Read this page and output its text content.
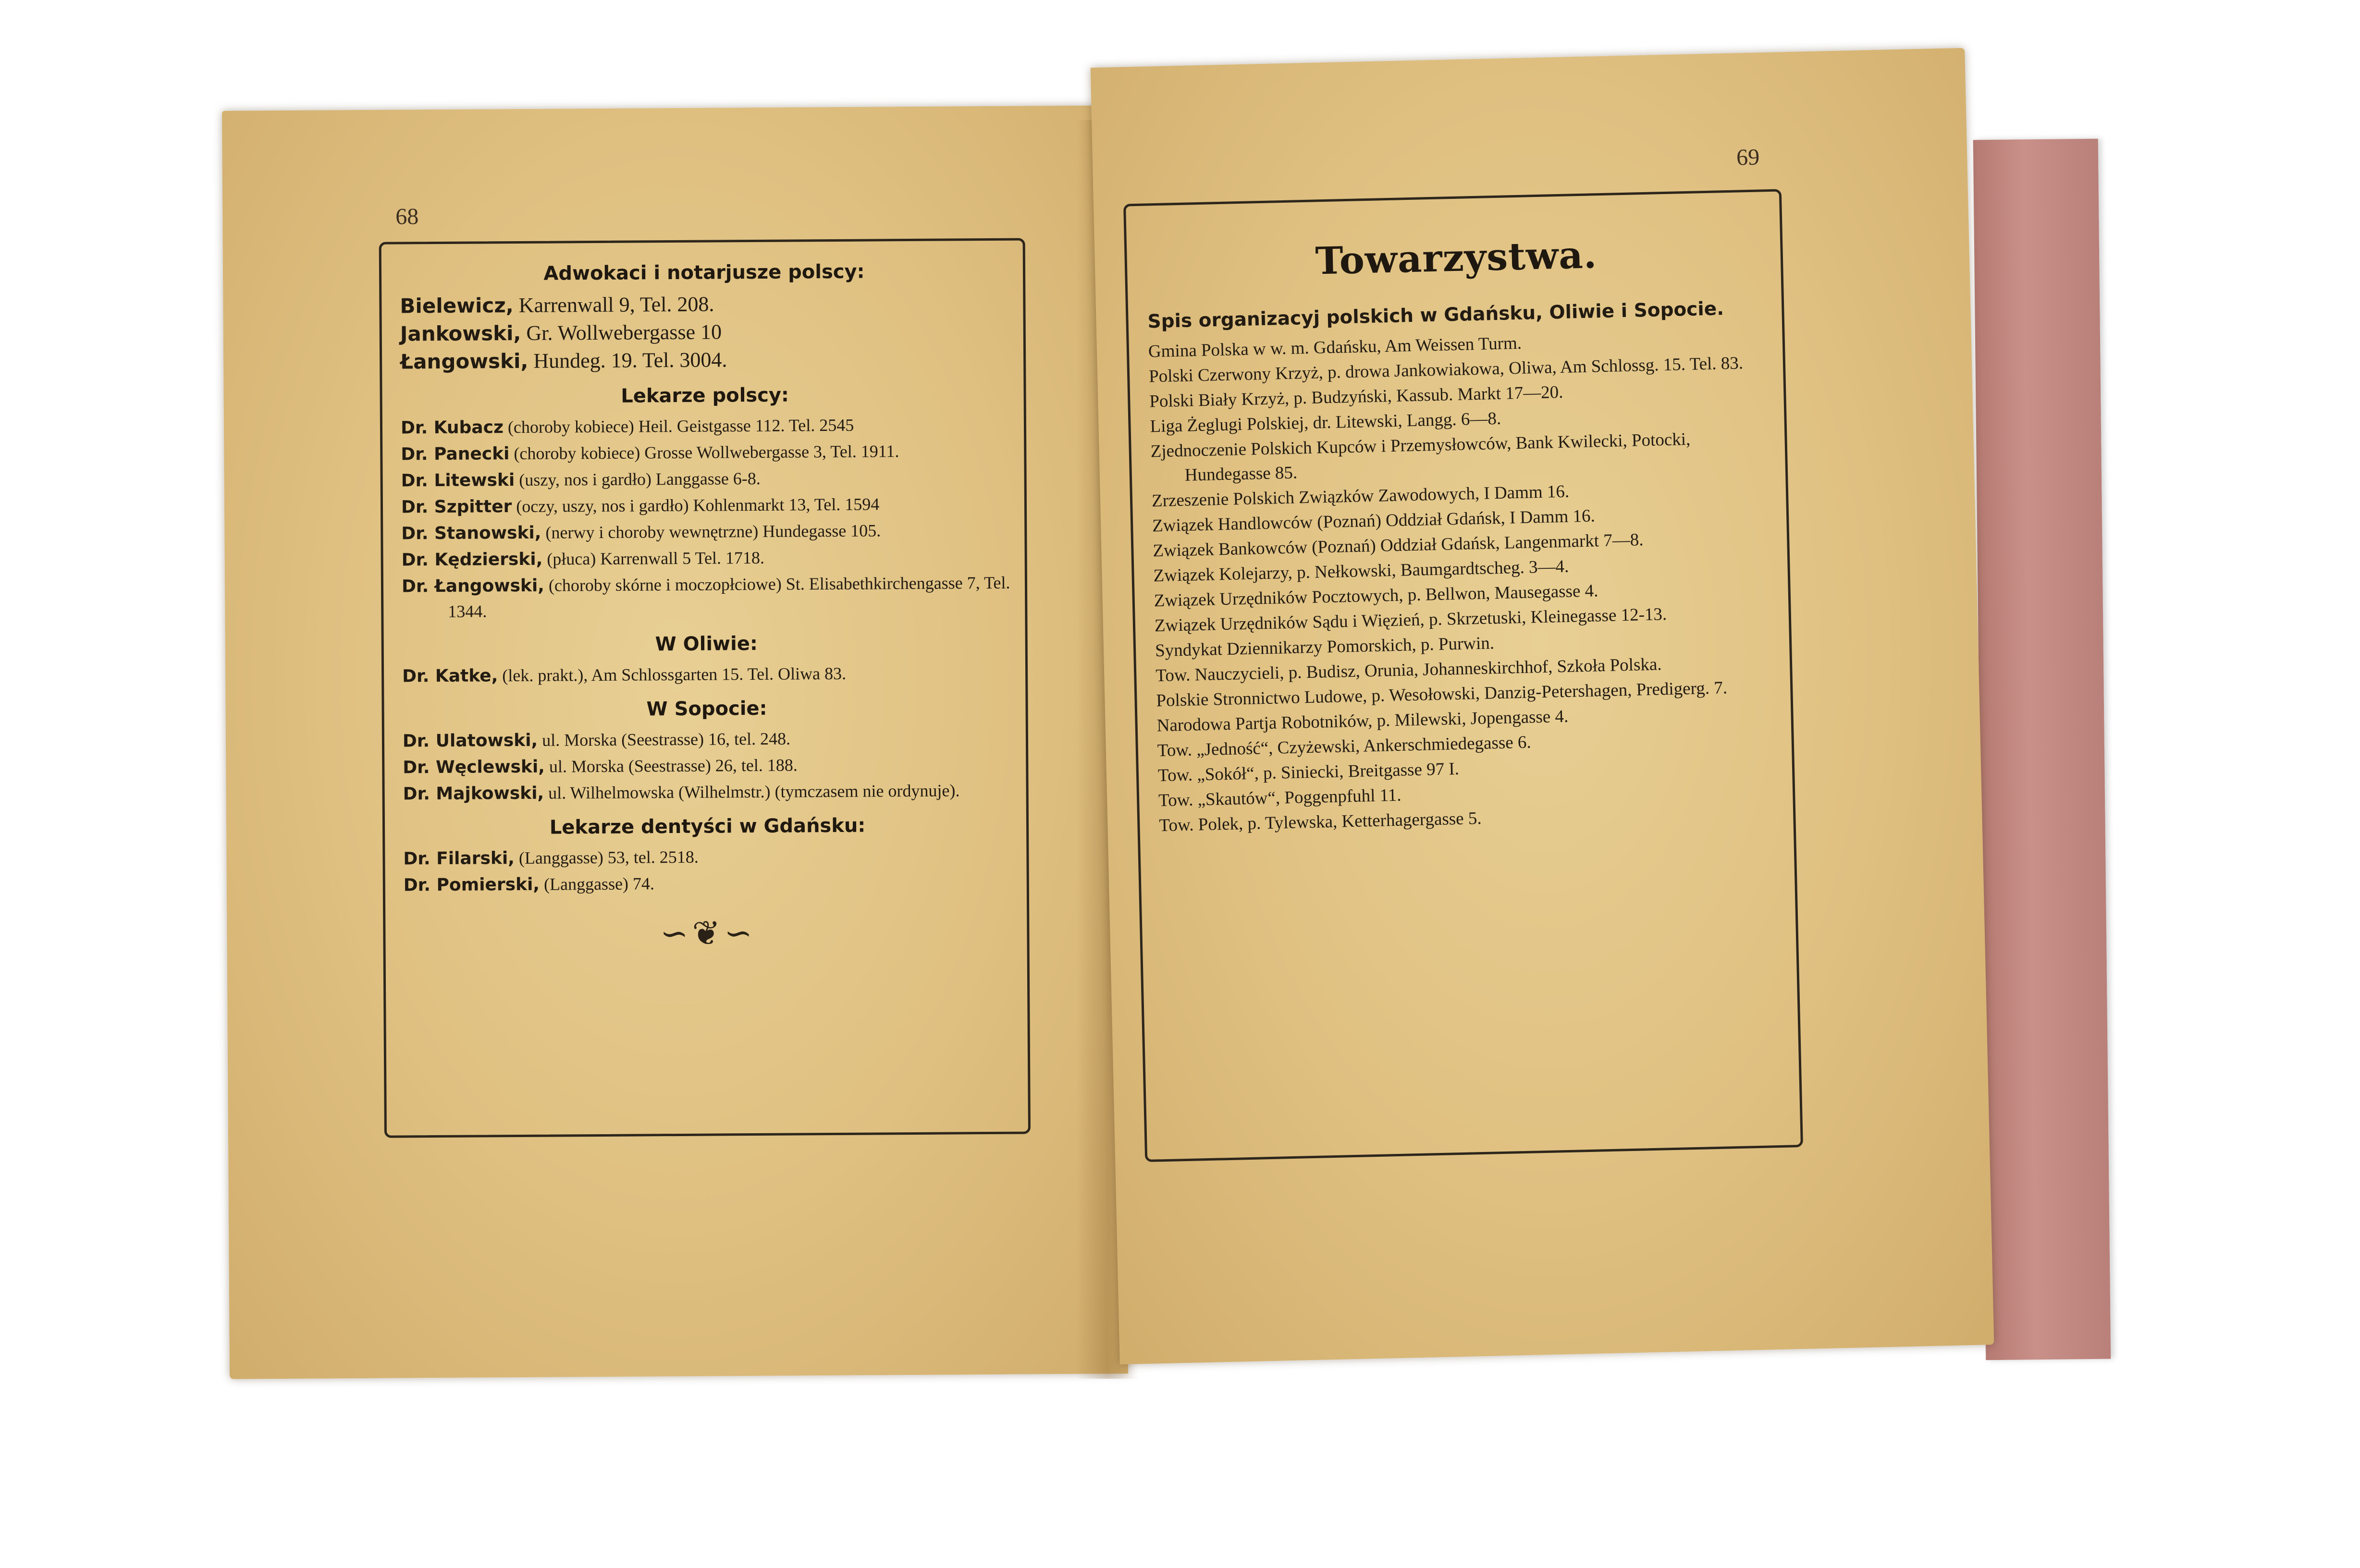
68
Adwokaci i notarjusze polscy:
Bielewicz, Karrenwall 9, Tel. 208.
Jankowski, Gr. Wollwebergasse 10
Łangowski, Hundeg. 19. Tel. 3004.
Lekarze polscy:
Dr. Kubacz (choroby kobiece) Heil. Geistgasse 112. Tel. 2545
Dr. Panecki (choroby kobiece) Grosse Wollwebergasse 3, Tel. 1911.
Dr. Litewski (uszy, nos i gardło) Langgasse 6-8.
Dr. Szpitter (oczy, uszy, nos i gardło) Kohlenmarkt 13, Tel. 1594
Dr. Stanowski, (nerwy i choroby wewnętrzne) Hundegasse 105.
Dr. Kędzierski, (płuca) Karrenwall 5 Tel. 1718.
Dr. Łangowski, (choroby skórne i moczopłciowe) St. Elisabethkirchengasse 7, Tel. 1344.
W Oliwie:
Dr. Katke, (lek. prakt.), Am Schlossgarten 15. Tel. Oliwa 83.
W Sopocie:
Dr. Ulatowski, ul. Morska (Seestrasse) 16, tel. 248.
Dr. Węclewski, ul. Morska (Seestrasse) 26, tel. 188.
Dr. Majkowski, ul. Wilhelmowska (Wilhelmstr.) (tymczasem nie ordynuje).
Lekarze dentyści w Gdańsku:
Dr. Filarski, (Langgasse) 53, tel. 2518.
Dr. Pomierski, (Langgasse) 74.
∽❦∽
69
Towarzystwa.
Spis organizacyj polskich w Gdańsku, Oliwie i Sopocie.
Gmina Polska w w. m. Gdańsku, Am Weissen Turm.
Polski Czerwony Krzyż, p. drowa Jankowiakowa, Oliwa, Am Schlossg. 15. Tel. 83.
Polski Biały Krzyż, p. Budzyński, Kassub. Markt 17—20.
Liga Żeglugi Polskiej, dr. Litewski, Langg. 6—8.
Zjednoczenie Polskich Kupców i Przemysłowców, Bank Kwilecki, Potocki, Hundegasse 85.
Zrzeszenie Polskich Związków Zawodowych, I Damm 16.
Związek Handlowców (Poznań) Oddział Gdańsk, I Damm 16.
Związek Bankowców (Poznań) Oddział Gdańsk, Langenmarkt 7—8.
Związek Kolejarzy, p. Nełkowski, Baumgardtscheg. 3—4.
Związek Urzędników Pocztowych, p. Bellwon, Mausegasse 4.
Związek Urzędników Sądu i Więzień, p. Skrzetuski, Kleinegasse 12-13.
Syndykat Dziennikarzy Pomorskich, p. Purwin.
Tow. Nauczycieli, p. Budisz, Orunia, Johanneskirchhof, Szkoła Polska.
Polskie Stronnictwo Ludowe, p. Wesołowski, Danzig-Petershagen, Predigerg. 7.
Narodowa Partja Robotników, p. Milewski, Jopengasse 4.
Tow. „Jedność“, Czyżewski, Ankerschmiedegasse 6.
Tow. „Sokół“, p. Siniecki, Breitgasse 97 I.
Tow. „Skautów“, Poggenpfuhl 11.
Tow. Polek, p. Tylewska, Ketterhagergasse 5.
